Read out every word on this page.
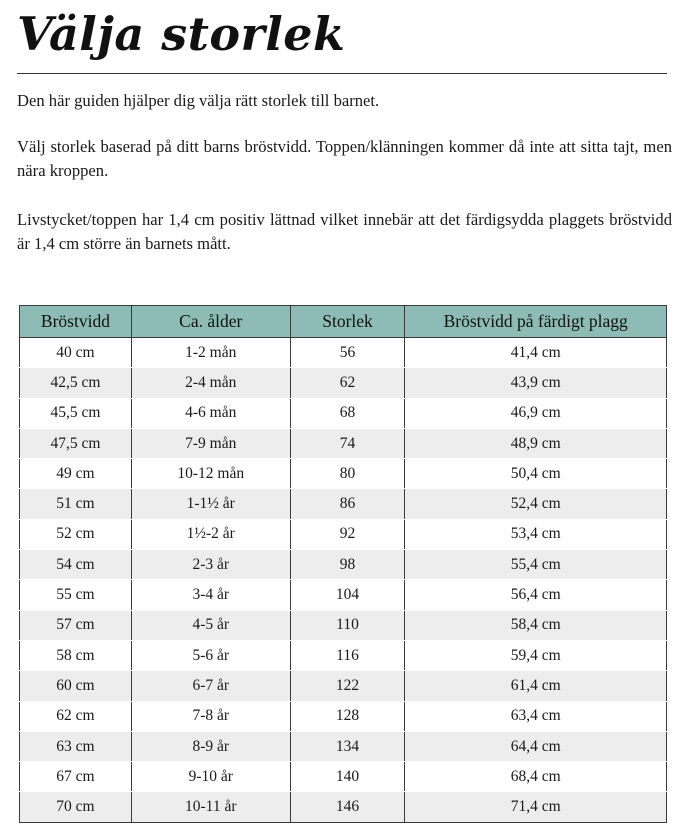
Välja storlek

Den här guiden hjälper dig välja rätt storlek till barnet.

Välj storlek baserad på ditt barns bröstvidd. Toppen/klänningen kommer då inte att sitta tajt, men nära kroppen.

Livstycket/toppen har 1,4 cm positiv lättnad vilket innebär att det färdigsydda plaggets bröstvidd är 1,4 cm större än barnets mått.

Bröstvidd	Ca. ålder	Storlek	Bröstvidd på färdigt plagg
40 cm	1-2 mån	56	41,4 cm
42,5 cm	2-4 mån	62	43,9 cm
45,5 cm	4-6 mån	68	46,9 cm
47,5 cm	7-9 mån	74	48,9 cm
49 cm	10-12 mån	80	50,4 cm
51 cm	1-1½ år	86	52,4 cm
52 cm	1½-2 år	92	53,4 cm
54 cm	2-3 år	98	55,4 cm
55 cm	3-4 år	104	56,4 cm
57 cm	4-5 år	110	58,4 cm
58 cm	5-6 år	116	59,4 cm
60 cm	6-7 år	122	61,4 cm
62 cm	7-8 år	128	63,4 cm
63 cm	8-9 år	134	64,4 cm
67 cm	9-10 år	140	68,4 cm
70 cm	10-11 år	146	71,4 cm
